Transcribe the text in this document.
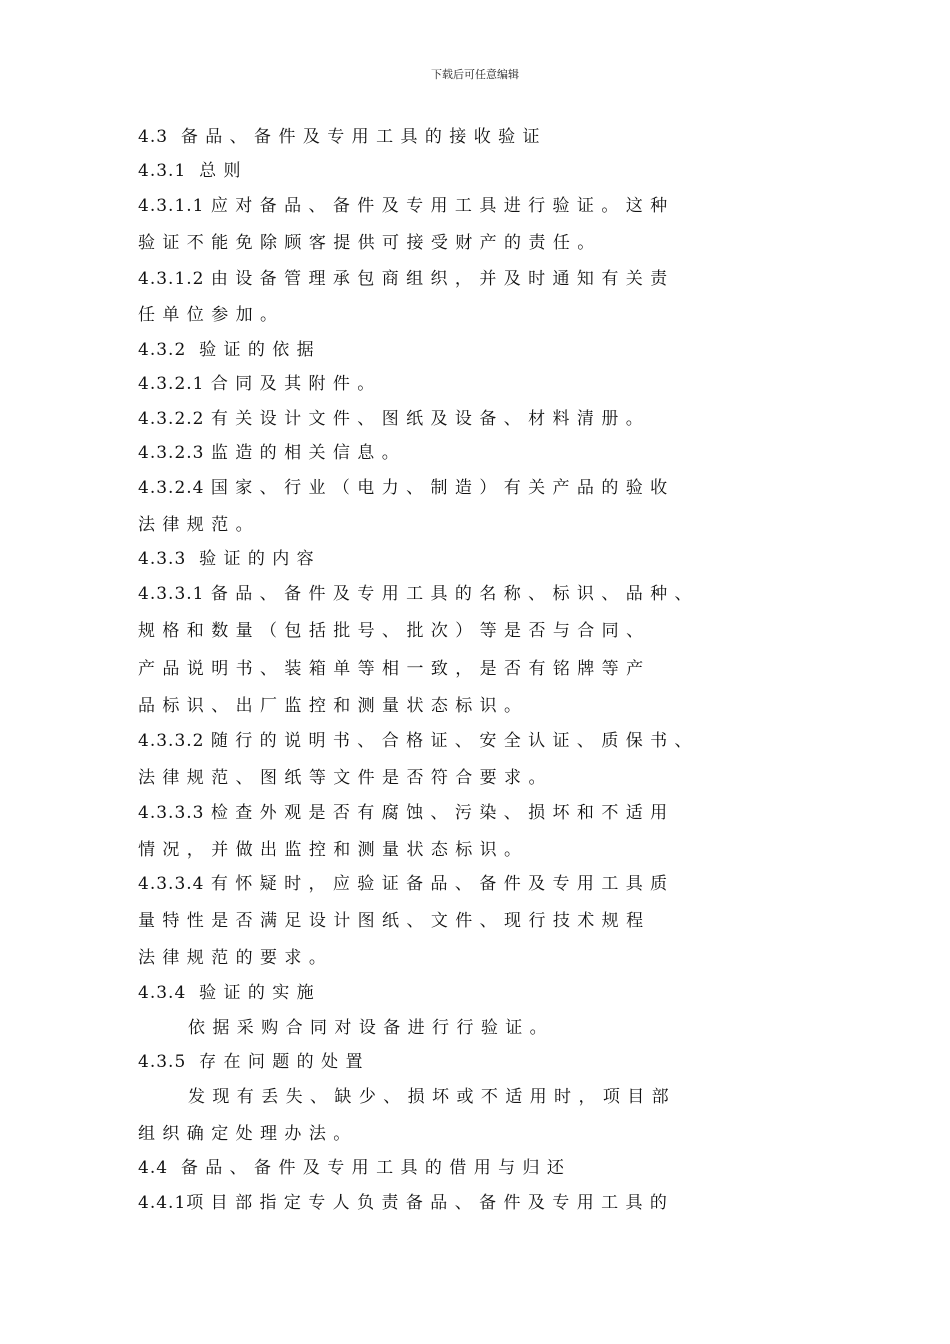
下载后可任意编辑
4.3  备 品 、 备 件 及 专 用 工 具 的 接 收 验 证
4.3.1  总 则
4.3.1.1 应 对 备 品 、 备 件 及 专 用 工 具 进 行 验 证 。 这 种
验 证 不 能 免 除 顾 客 提 供 可 接 受 财 产 的 责 任 。
4.3.1.2 由 设 备 管 理 承 包 商 组 织 ， 并 及 时 通 知 有 关 责
任 单 位 参 加 。
4.3.2  验 证 的 依 据
4.3.2.1 合 同 及 其 附 件 。
4.3.2.2 有 关 设 计 文 件 、 图 纸 及 设 备 、 材 料 清 册 。
4.3.2.3 监 造 的 相 关 信 息 。
4.3.2.4 国 家 、 行 业 （ 电 力 、 制 造 ） 有 关 产 品 的 验 收
法 律 规 范 。
4.3.3  验 证 的 内 容
4.3.3.1 备 品 、 备 件 及 专 用 工 具 的 名 称 、 标 识 、 品 种 、
规 格 和 数 量 （ 包 括 批 号 、 批 次 ） 等 是 否 与 合 同 、
产 品 说 明 书 、 装 箱 单 等 相 一 致 ， 是 否 有 铭 牌 等 产
品 标 识 、 出 厂 监 控 和 测 量 状 态 标 识 。
4.3.3.2 随 行 的 说 明 书 、 合 格 证 、 安 全 认 证 、 质 保 书 、
法 律 规 范 、 图 纸 等 文 件 是 否 符 合 要 求 。
4.3.3.3 检 查 外 观 是 否 有 腐 蚀 、 污 染 、 损 坏 和 不 适 用
情 况 ， 并 做 出 监 控 和 测 量 状 态 标 识 。
4.3.3.4 有 怀 疑 时 ， 应 验 证 备 品 、 备 件 及 专 用 工 具 质
量 特 性 是 否 满 足 设 计 图 纸 、 文 件 、 现 行 技 术 规 程
法 律 规 范 的 要 求 。
4.3.4  验 证 的 实 施
依 据 采 购 合 同 对 设 备 进 行 行 验 证 。
4.3.5  存 在 问 题 的 处 置
发 现 有 丢 失 、 缺 少 、 损 坏 或 不 适 用 时 ， 项 目 部
组 织 确 定 处 理 办 法 。
4.4  备 品 、 备 件 及 专 用 工 具 的 借 用 与 归 还
4.4.1项 目 部 指 定 专 人 负 责 备 品 、 备 件 及 专 用 工 具 的
